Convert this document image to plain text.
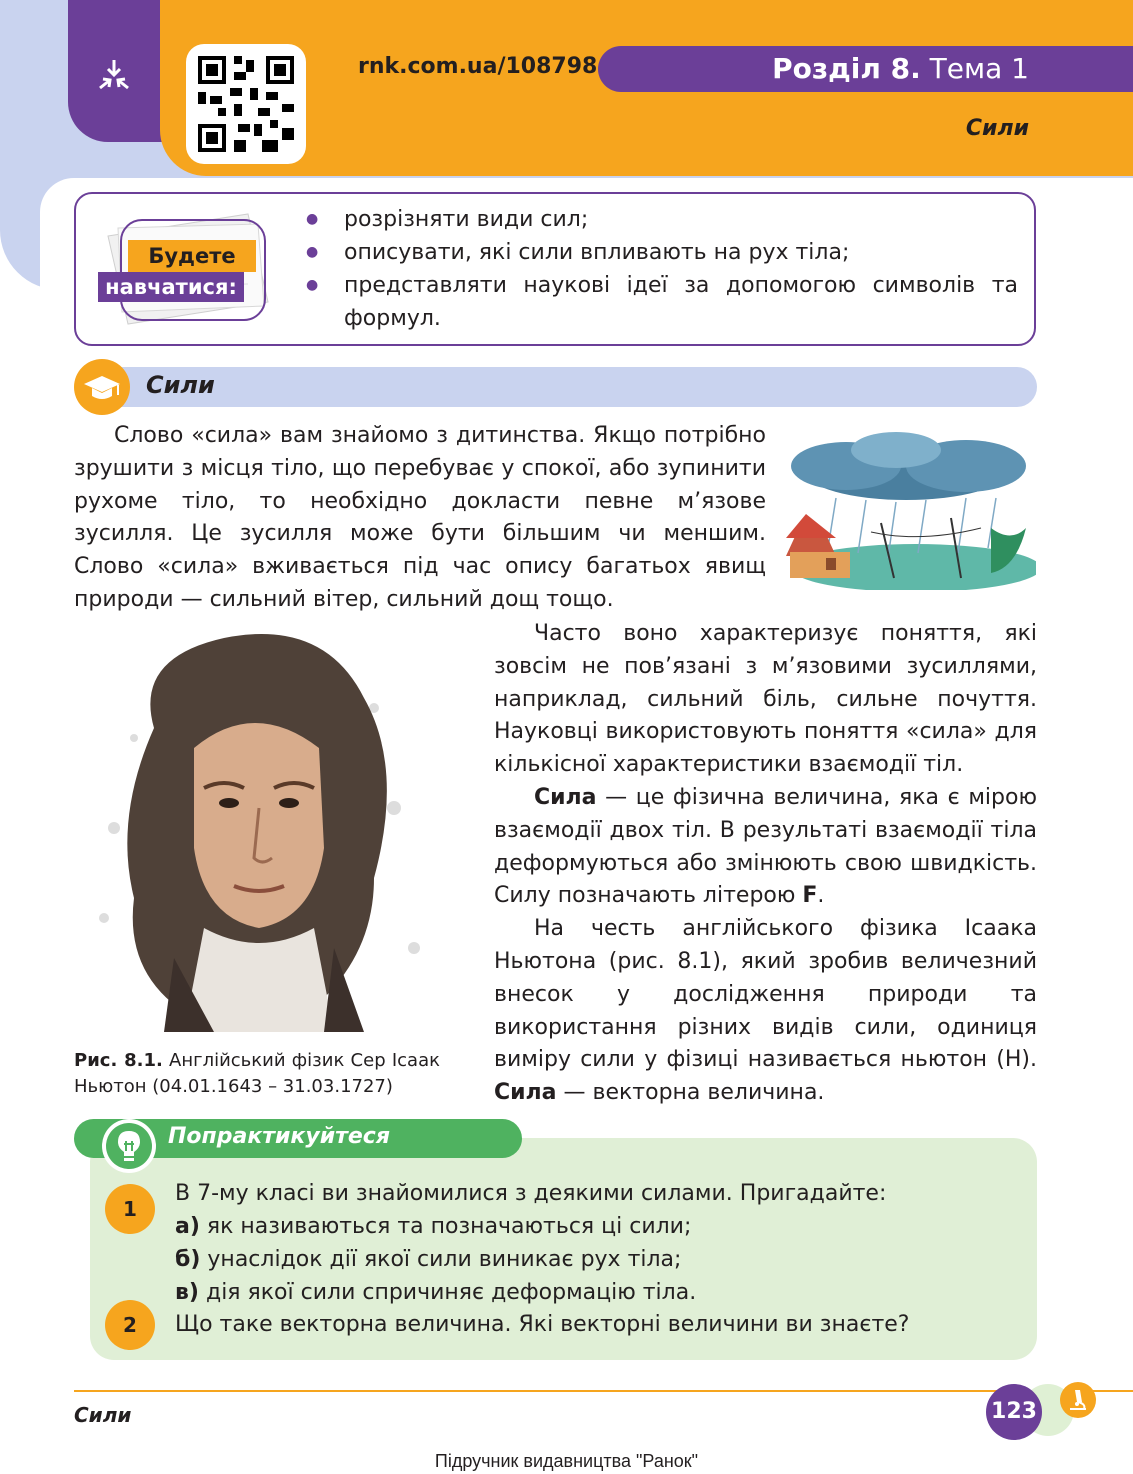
rnk.com.ua/108798	Розділ 8. Тема 1
Сили
Будете
навчатися:
● розрізняти види сил;
● описувати, які сили впливають на рух тіла;
● представляти наукові ідеї за допомогою символів та формул.
Сили

Слово «сила» вам знайомо з дитинства. Якщо потрібно зрушити з місця тіло, що перебуває у спокої, або зупинити рухоме тіло, то необхідно докласти певне м’язове зусилля. Це зусилля може бути більшим чи меншим. Слово «сила» вживається під час опису багатьох явищ природи — сильний вітер, сильний дощ тощо.

Часто воно характеризує поняття, які зовсім не пов’язані з м’язовими зусиллями, наприклад, сильний біль, сильне почуття. Науковці використовують поняття «сила» для кількісної характеристики взаємодії тіл.

Сила — це фізична величина, яка є мірою взаємодії двох тіл. В результаті взаємодії тіла деформуються або змінюють свою швидкість. Силу позначають літерою F.

На честь англійського фізика Ісаака Ньютона (рис. 8.1), який зробив величезний внесок у дослідження природи та використання різних видів сили, одиниця виміру сили у фізиці називається ньютон (Н). Сила — векторна величина.

Рис. 8.1. Англійський фізик Сер Ісаак Ньютон (04.01.1643 – 31.03.1727)
Попрактикуйтеся
1

В 7-му класі ви знайомилися з деякими силами. Пригадайте:

а) як називаються та позначаються ці сили;

б) унаслідок дії якої сили виникає рух тіла;

в) дія якої сили спричиняє деформацію тіла.

2	Що таке векторна величина. Які векторні величини ви знаєте?

Сили	123
Підручник видавництва "Ранок"
